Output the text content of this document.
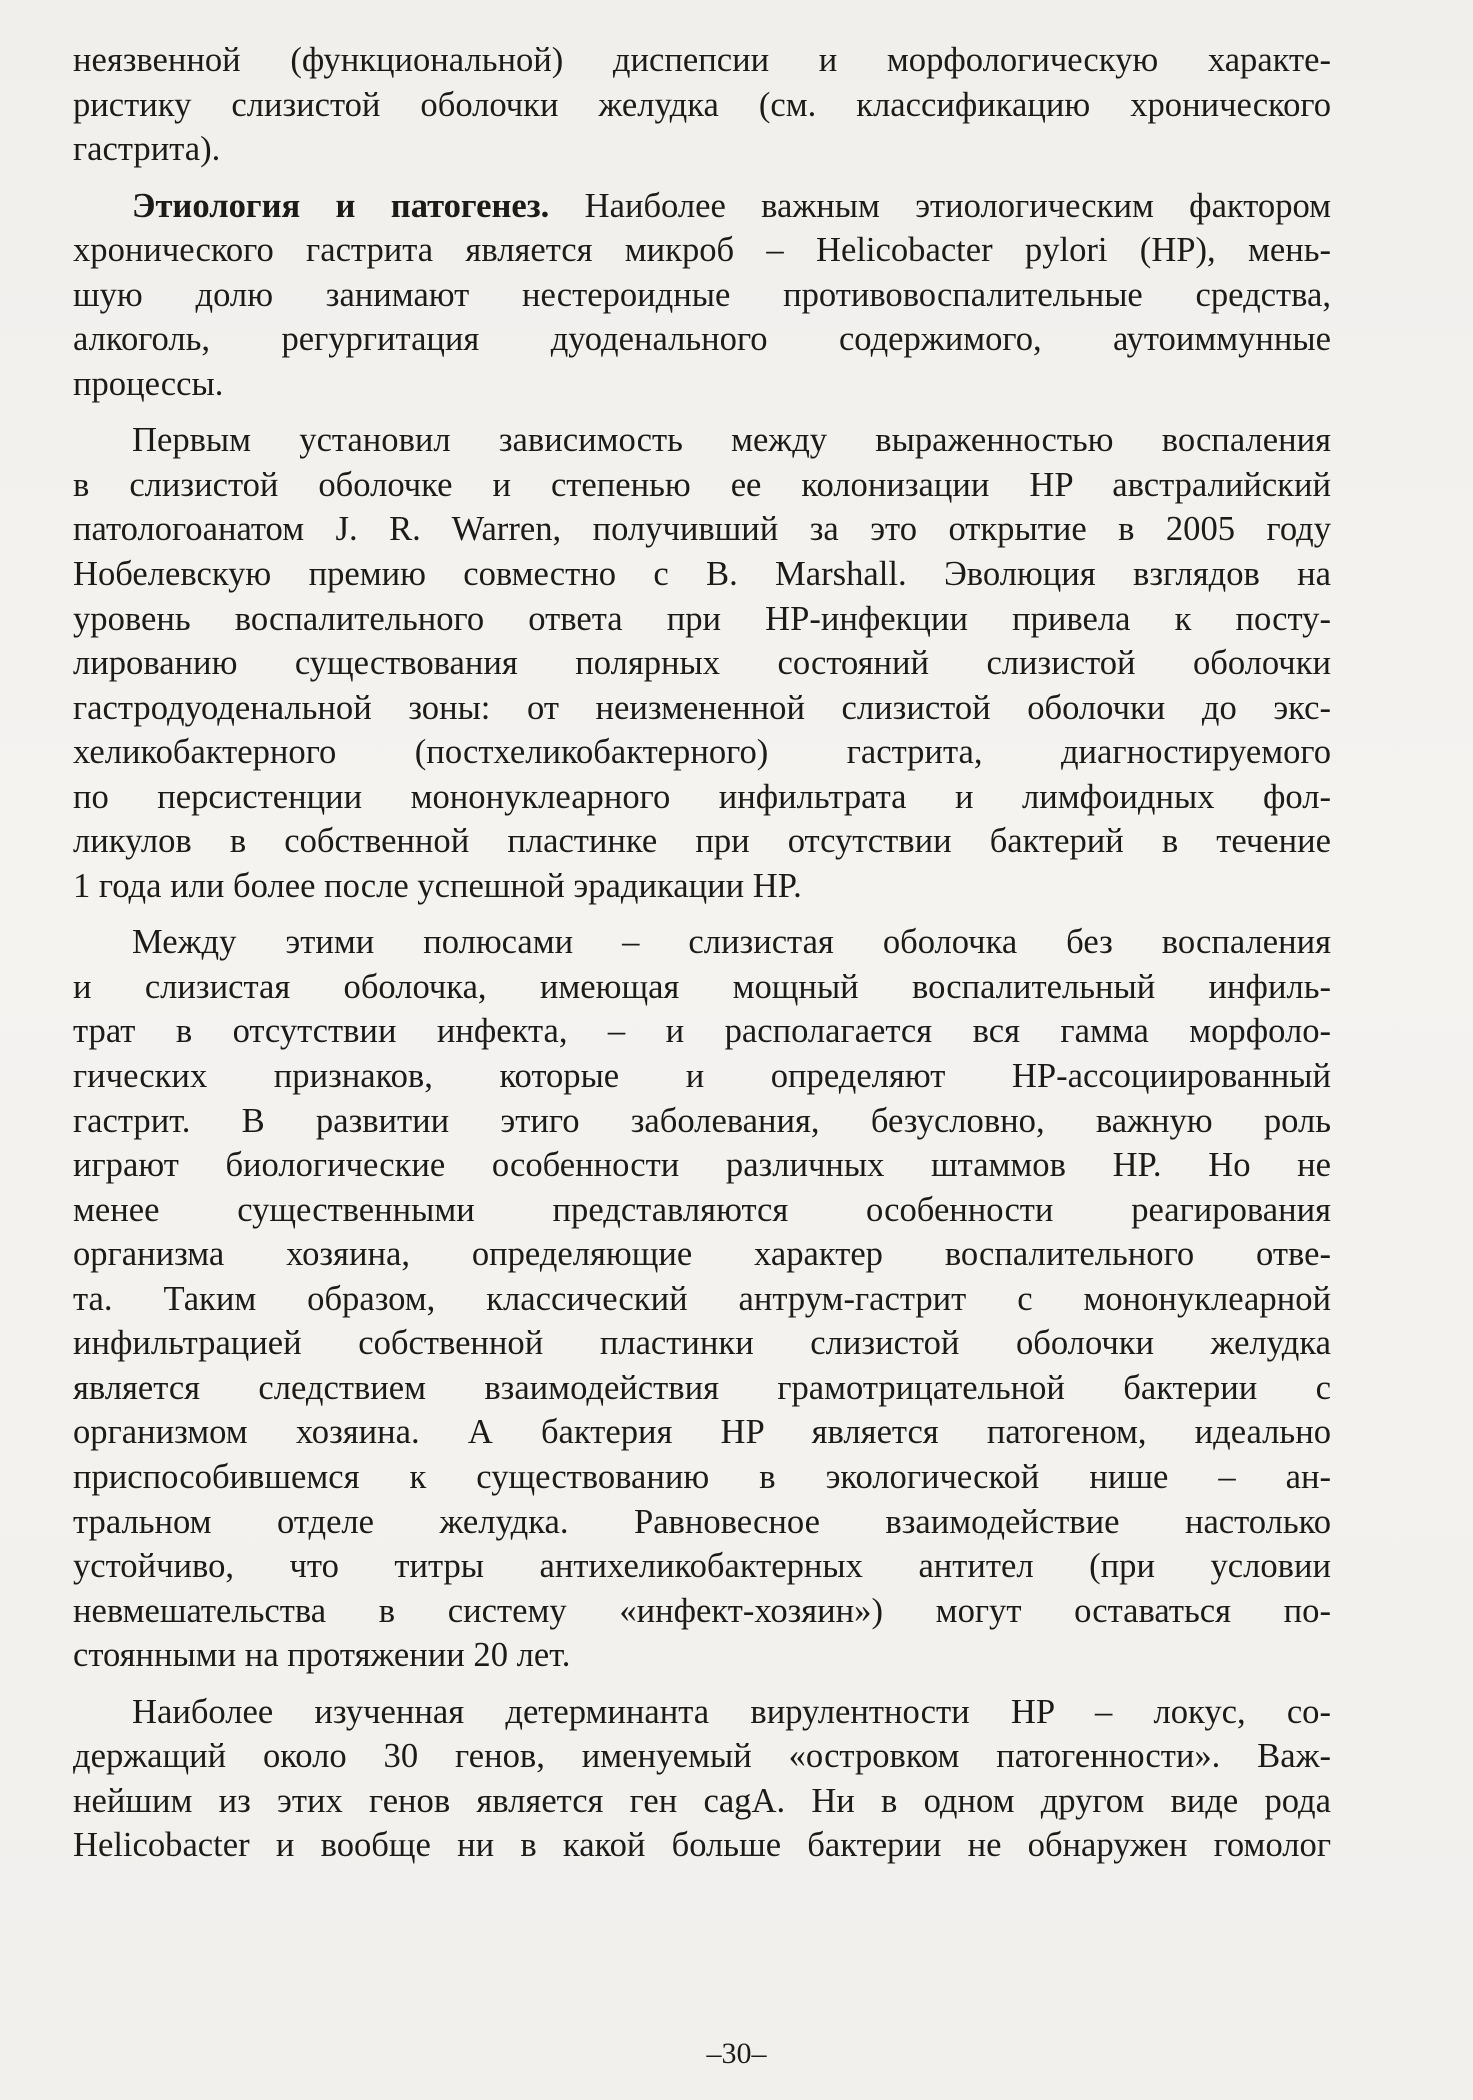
неязвенной (функциональной) диспепсии и морфологическую характе-
ристику слизистой оболочки желудка (см. классификацию хронического
гастрита).
Этиология и патогенез. Наиболее важным этиологическим фактором
хронического гастрита является микроб – Helicobacter pylori (HP), мень-
шую долю занимают нестероидные противовоспалительные средства,
алкоголь, регургитация дуоденального содержимого, аутоиммунные
процессы.
Первым установил зависимость между выраженностью воспаления
в слизистой оболочке и степенью ее колонизации HP австралийский
патологоанатом J. R. Warren, получивший за это открытие в 2005 году
Нобелевскую премию совместно с B. Marshall. Эволюция взглядов на
уровень воспалительного ответа при HP-инфекции привела к посту-
лированию существования полярных состояний слизистой оболочки
гастродуоденальной зоны: от неизмененной слизистой оболочки до экс-
хеликобактерного (постхеликобактерного) гастрита, диагностируемого
по персистенции мононуклеарного инфильтрата и лимфоидных фол-
ликулов в собственной пластинке при отсутствии бактерий в течение
1 года или более после успешной эрадикации HP.
Между этими полюсами – слизистая оболочка без воспаления
и слизистая оболочка, имеющая мощный воспалительный инфиль-
трат в отсутствии инфекта, – и располагается вся гамма морфоло-
гических признаков, которые и определяют HP-ассоциированный
гастрит. В развитии этиго заболевания, безусловно, важную роль
играют биологические особенности различных штаммов HP. Но не
менее существенными представляются особенности реагирования
организма хозяина, определяющие характер воспалительного отве-
та. Таким образом, классический антрум-гастрит с мононуклеарной
инфильтрацией собственной пластинки слизистой оболочки желудка
является следствием взаимодействия грамотрицательной бактерии с
организмом хозяина. А бактерия HP является патогеном, идеально
приспособившемся к существованию в экологической нише – ан-
тральном отделе желудка. Равновесное взаимодействие настолько
устойчиво, что титры антихеликобактерных антител (при условии
невмешательства в систему «инфект-хозяин») могут оставаться по-
стоянными на протяжении 20 лет.
Наиболее изученная детерминанта вирулентности HP – локус, со-
держащий около 30 генов, именуемый «островком патогенности». Важ-
нейшим из этих генов является ген cagA. Ни в одном другом виде рода
Helicobacter и вообще ни в какой больше бактерии не обнаружен гомолог
–30–
